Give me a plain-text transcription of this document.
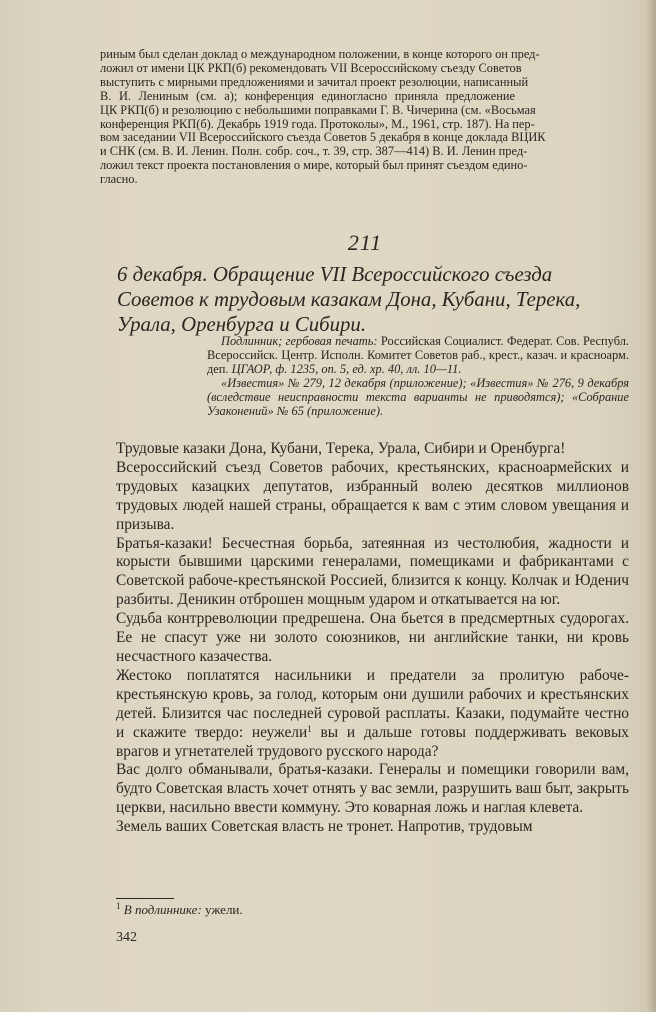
риным был сделан доклад о международном положении, в конце которого он пред-
ложил от имени ЦК РКП(б) рекомендовать VII Всероссийскому съезду Советов
выступить с мирными предложениями и зачитал проект резолюции, написанный
В. И. Лениным (см. а); конференция единогласно приняла предложение
ЦК РКП(б) и резолюцию с небольшими поправками Г. В. Чичерина (см. «Восьмая
конференция РКП(б). Декабрь 1919 года. Протоколы», М., 1961, стр. 187). На пер-
вом заседании VII Всероссийского съезда Советов 5 декабря в конце доклада ВЦИК
и СНК (см. В. И. Ленин. Полн. собр. соч., т. 39, стр. 387—414) В. И. Ленин пред-
ложил текст проекта постановления о мире, который был принят съездом едино-
гласно.
211
6 декабря. Обращение VII Всероссийского съезда Советов к трудовым казакам Дона, Кубани, Терека, Урала, Оренбурга и Сибири.

Подлинник; гербовая печать: Российская Социалист. Федерат. Сов. Республ. Всероссийск. Центр. Исполн. Комитет Советов раб., крест., казач. и красноарм. деп. ЦГАОР, ф. 1235, оп. 5, ед. хр. 40, лл. 10—11.

«Известия» № 279, 12 декабря (приложение); «Известия» № 276, 9 декабря (вследствие неисправности текста варианты не приводятся); «Собрание Узаконений» № 65 (приложение).

Трудовые казаки Дона, Кубани, Терека, Урала, Сибири и Оренбурга!

Всероссийский съезд Советов рабочих, крестьянских, красноармейских и трудовых казацких депутатов, избранный волею десятков миллионов трудовых людей нашей страны, обращается к вам с этим словом увещания и призыва.

Братья-казаки! Бесчестная борьба, затеянная из честолюбия, жадности и корысти бывшими царскими генералами, помещиками и фабрикантами с Советской рабоче-крестьянской Россией, близится к концу. Колчак и Юденич разбиты. Деникин отброшен мощным ударом и откатывается на юг.

Судьба контрреволюции предрешена. Она бьется в предсмертных судорогах. Ее не спасут уже ни золото союзников, ни английские танки, ни кровь несчастного казачества.

Жестоко поплатятся насильники и предатели за пролитую рабоче-крестьянскую кровь, за голод, которым они душили рабочих и крестьянских детей. Близится час последней суровой расплаты. Казаки, подумайте честно и скажите твердо: неужели$^1$ вы и дальше готовы поддерживать вековых врагов и угнетателей трудового русского народа?

Вас долго обманывали, братья-казаки. Генералы и помещики говорили вам, будто Советская власть хочет отнять у вас земли, разрушить ваш быт, закрыть церкви, насильно ввести коммуну. Это коварная ложь и наглая клевета.

Земель ваших Советская власть не тронет. Напротив, трудовым

$^1$ В подлиннике: ужели.
342
